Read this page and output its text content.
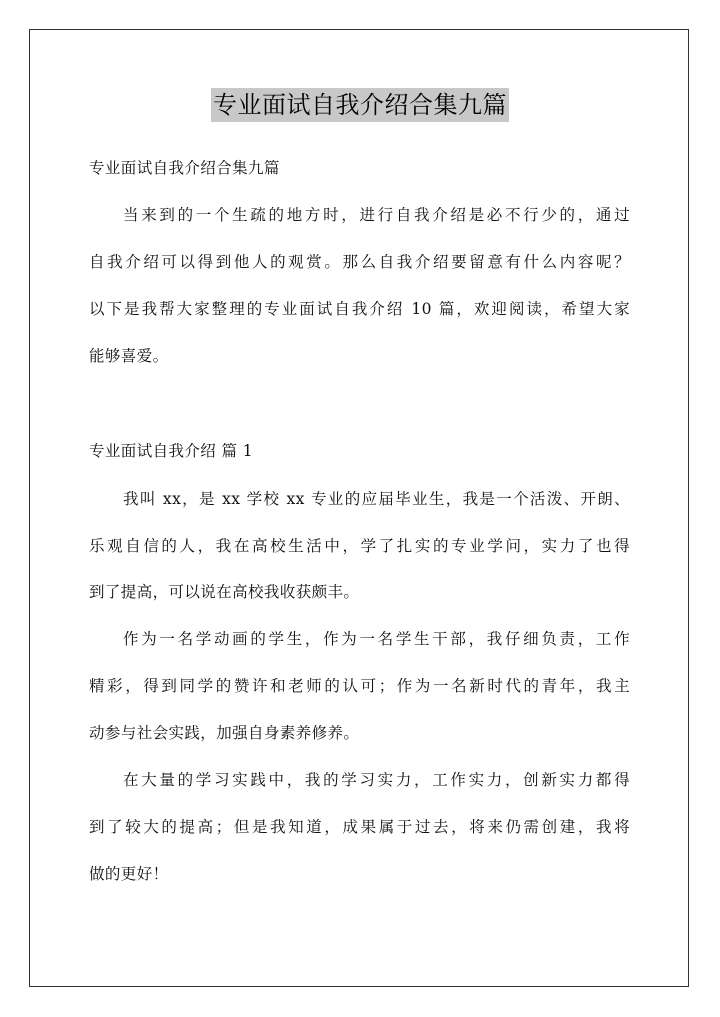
专业面试自我介绍合集九篇
专业面试自我介绍合集九篇
当来到的一个生疏的地方时，进行自我介绍是必不行少的，通过
自我介绍可以得到他人的观赏。那么自我介绍要留意有什么内容呢？
以下是我帮大家整理的专业面试自我介绍 10 篇，欢迎阅读，希望大家
能够喜爱。
专业面试自我介绍 篇 1
我叫 xx，是 xx 学校 xx 专业的应届毕业生，我是一个活泼、开朗、
乐观自信的人，我在高校生活中，学了扎实的专业学问，实力了也得
到了提高，可以说在高校我收获颇丰。
作为一名学动画的学生，作为一名学生干部，我仔细负责，工作
精彩，得到同学的赞许和老师的认可；作为一名新时代的青年，我主
动参与社会实践，加强自身素养修养。
在大量的学习实践中，我的学习实力，工作实力，创新实力都得
到了较大的提高；但是我知道，成果属于过去，将来仍需创建，我将
做的更好！
